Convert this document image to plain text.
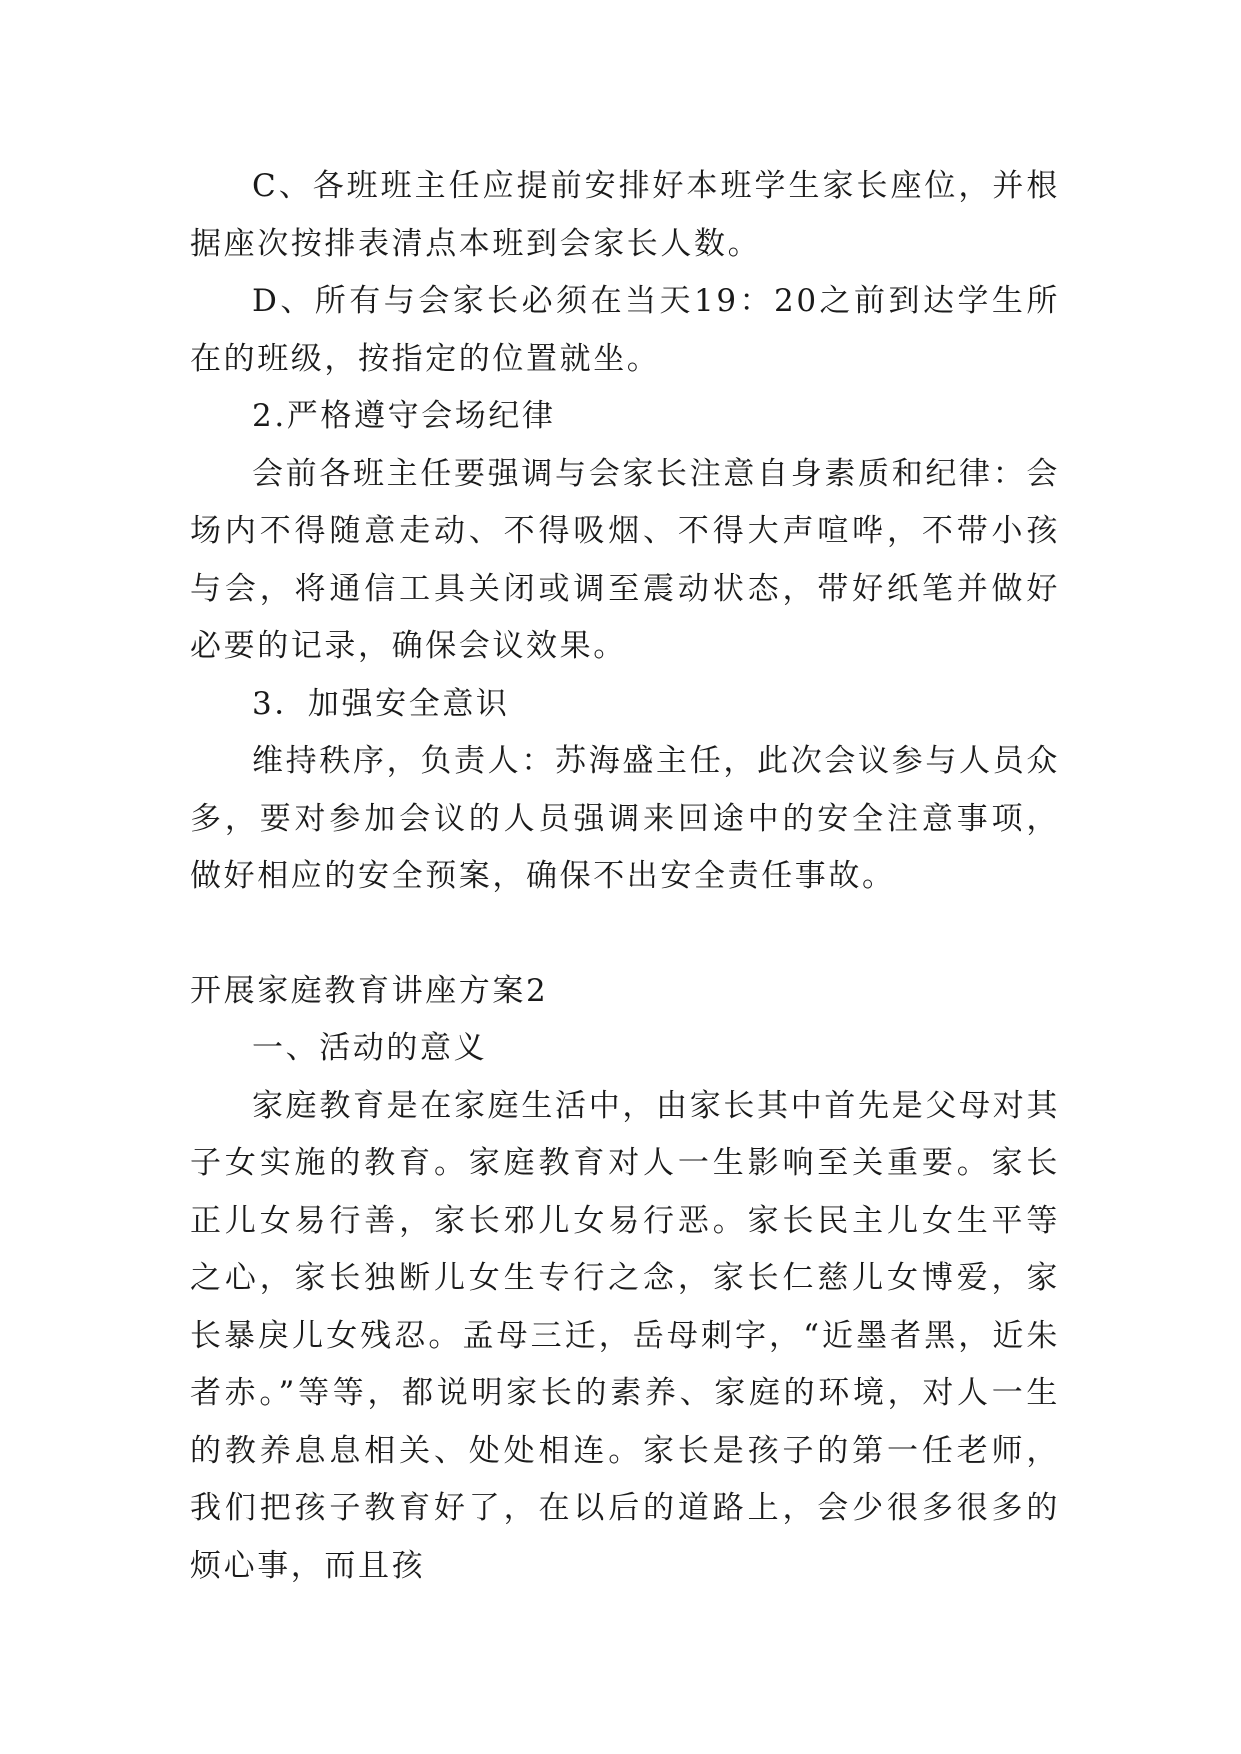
C、各班班主任应提前安排好本班学生家长座位，并根据座次按排表清点本班到会家长人数。

D、所有与会家长必须在当天19：20之前到达学生所在的班级，按指定的位置就坐。

2.严格遵守会场纪律

会前各班主任要强调与会家长注意自身素质和纪律：会场内不得随意走动、不得吸烟、不得大声喧哗，不带小孩与会，将通信工具关闭或调至震动状态，带好纸笔并做好必要的记录，确保会议效果。

3．加强安全意识

维持秩序，负责人：苏海盛主任，此次会议参与人员众多，要对参加会议的人员强调来回途中的安全注意事项，做好相应的安全预案，确保不出安全责任事故。

开展家庭教育讲座方案2

一、活动的意义

家庭教育是在家庭生活中，由家长其中首先是父母对其子女实施的教育。家庭教育对人一生影响至关重要。家长正儿女易行善，家长邪儿女易行恶。家长民主儿女生平等之心，家长独断儿女生专行之念，家长仁慈儿女博爱，家长暴戾儿女残忍。孟母三迁，岳母刺字，“近墨者黑，近朱者赤。”等等，都说明家长的素养、家庭的环境，对人一生的教养息息相关、处处相连。家长是孩子的第一任老师，我们把孩子教育好了，在以后的道路上，会少很多很多的烦心事，而且孩
